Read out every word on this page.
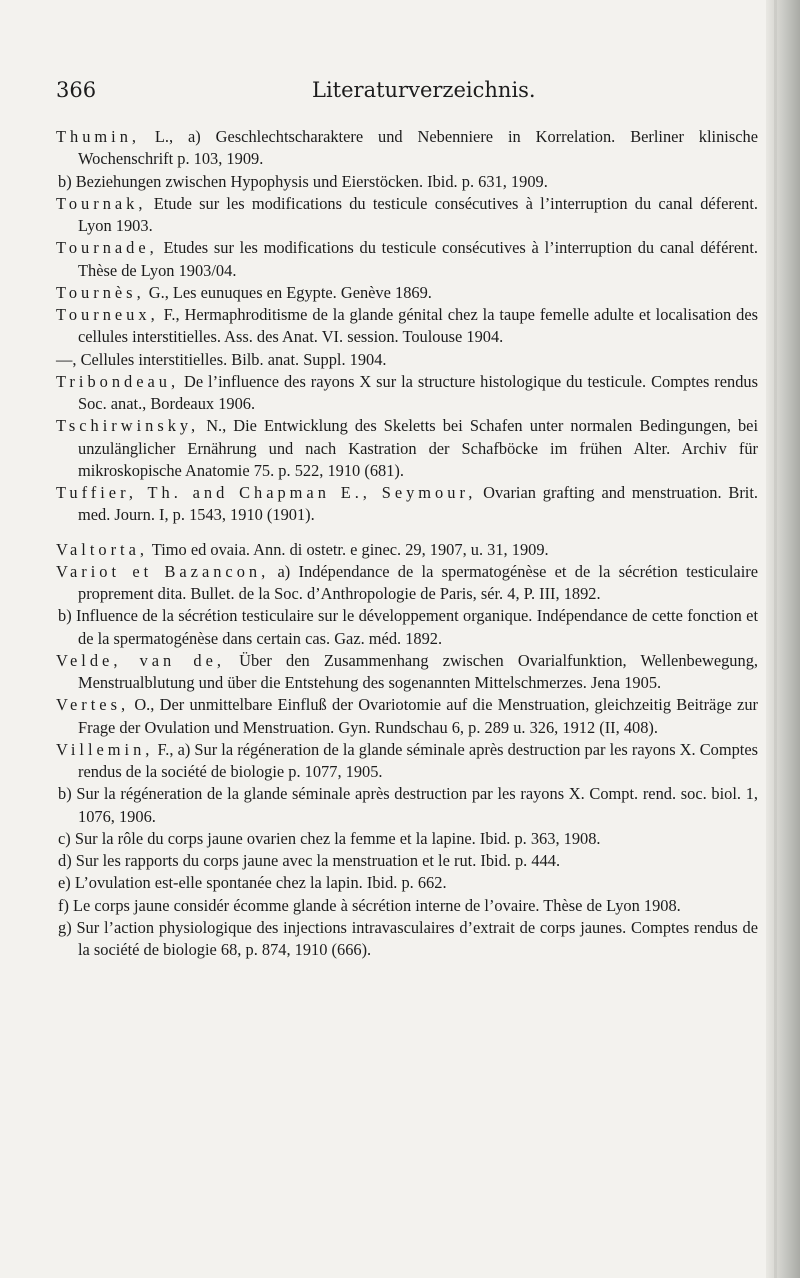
366	Literaturverzeichnis.
Thumin, L., a) Geschlechtscharaktere und Nebenniere in Korrelation. Berliner klinische Wochenschrift p. 103, 1909.
b) Beziehungen zwischen Hypophysis und Eierstöcken. Ibid. p. 631, 1909.
Tournak, Etude sur les modifications du testicule consécutives à l’interruption du canal déferent. Lyon 1903.
Tournade, Etudes sur les modifications du testicule consécutives à l’interruption du canal déférent. Thèse de Lyon 1903/04.
Tournès, G., Les eunuques en Egypte. Genève 1869.
Tourneux, F., Hermaphroditisme de la glande génital chez la taupe femelle adulte et localisation des cellules interstitielles. Ass. des Anat. VI. session. Toulouse 1904.
—, Cellules interstitielles. Bilb. anat. Suppl. 1904.
Tribondeau, De l’influence des rayons X sur la structure histologique du testicule. Comptes rendus Soc. anat., Bordeaux 1906.
Tschirwinsky, N., Die Entwicklung des Skeletts bei Schafen unter normalen Bedingungen, bei unzulänglicher Ernährung und nach Kastration der Schafböcke im frühen Alter. Archiv für mikroskopische Anatomie 75. p. 522, 1910 (681).
Tuffier, Th. and Chapman E., Seymour, Ovarian grafting and menstruation. Brit. med. Journ. I, p. 1543, 1910 (1901).
Valtorta, Timo ed ovaia. Ann. di ostetr. e ginec. 29, 1907, u. 31, 1909.
Variot et Bazancon, a) Indépendance de la spermatogénèse et de la sécrétion testiculaire proprement dita. Bullet. de la Soc. d’Anthropologie de Paris, sér. 4, P. III, 1892.
b) Influence de la sécrétion testiculaire sur le développement organique. Indépendance de cette fonction et de la spermatogénèse dans certain cas. Gaz. méd. 1892.
Velde, van de, Über den Zusammenhang zwischen Ovarialfunktion, Wellenbewegung, Menstrualblutung und über die Entstehung des sogenannten Mittelschmerzes. Jena 1905.
Vertes, O., Der unmittelbare Einfluß der Ovariotomie auf die Menstruation, gleichzeitig Beiträge zur Frage der Ovulation und Menstruation. Gyn. Rundschau 6, p. 289 u. 326, 1912 (II, 408).
Villemin, F., a) Sur la régéneration de la glande séminale après destruction par les rayons X. Comptes rendus de la société de biologie p. 1077, 1905.
b) Sur la régéneration de la glande séminale après destruction par les rayons X. Compt. rend. soc. biol. 1, 1076, 1906.
c) Sur la rôle du corps jaune ovarien chez la femme et la lapine. Ibid. p. 363, 1908.
d) Sur les rapports du corps jaune avec la menstruation et le rut. Ibid. p. 444.
e) L’ovulation est-elle spontanée chez la lapin. Ibid. p. 662.
f) Le corps jaune considér écomme glande à sécrétion interne de l’ovaire. Thèse de Lyon 1908.
g) Sur l’action physiologique des injections intravasculaires d’extrait de corps jaunes. Comptes rendus de la société de biologie 68, p. 874, 1910 (666).
